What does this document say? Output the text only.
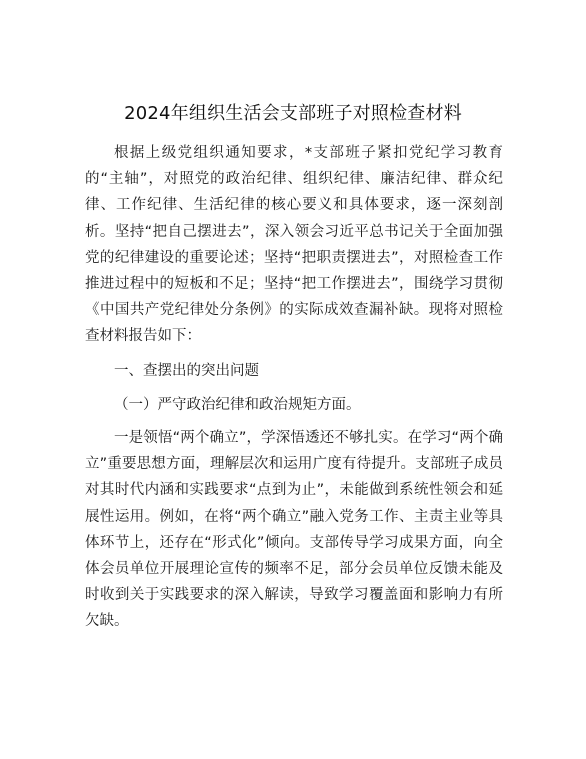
2024年组织生活会支部班子对照检查材料

根据上级党组织通知要求，*支部班子紧扣党纪学习教育的“主轴”，对照党的政治纪律、组织纪律、廉洁纪律、群众纪律、工作纪律、生活纪律的核心要义和具体要求，逐一深刻剖析。坚持“把自己摆进去”，深入领会习近平总书记关于全面加强党的纪律建设的重要论述；坚持“把职责摆进去”，对照检查工作推进过程中的短板和不足；坚持“把工作摆进去”，围绕学习贯彻《中国共产党纪律处分条例》的实际成效查漏补缺。现将对照检查材料报告如下：

一、查摆出的突出问题

（一）严守政治纪律和政治规矩方面。

一是领悟“两个确立”，学深悟透还不够扎实。在学习“两个确立”重要思想方面，理解层次和运用广度有待提升。支部班子成员对其时代内涵和实践要求“点到为止”，未能做到系统性领会和延展性运用。例如，在将“两个确立”融入党务工作、主责主业等具体环节上，还存在“形式化”倾向。支部传导学习成果方面，向全体会员单位开展理论宣传的频率不足，部分会员单位反馈未能及时收到关于实践要求的深入解读，导致学习覆盖面和影响力有所欠缺。
